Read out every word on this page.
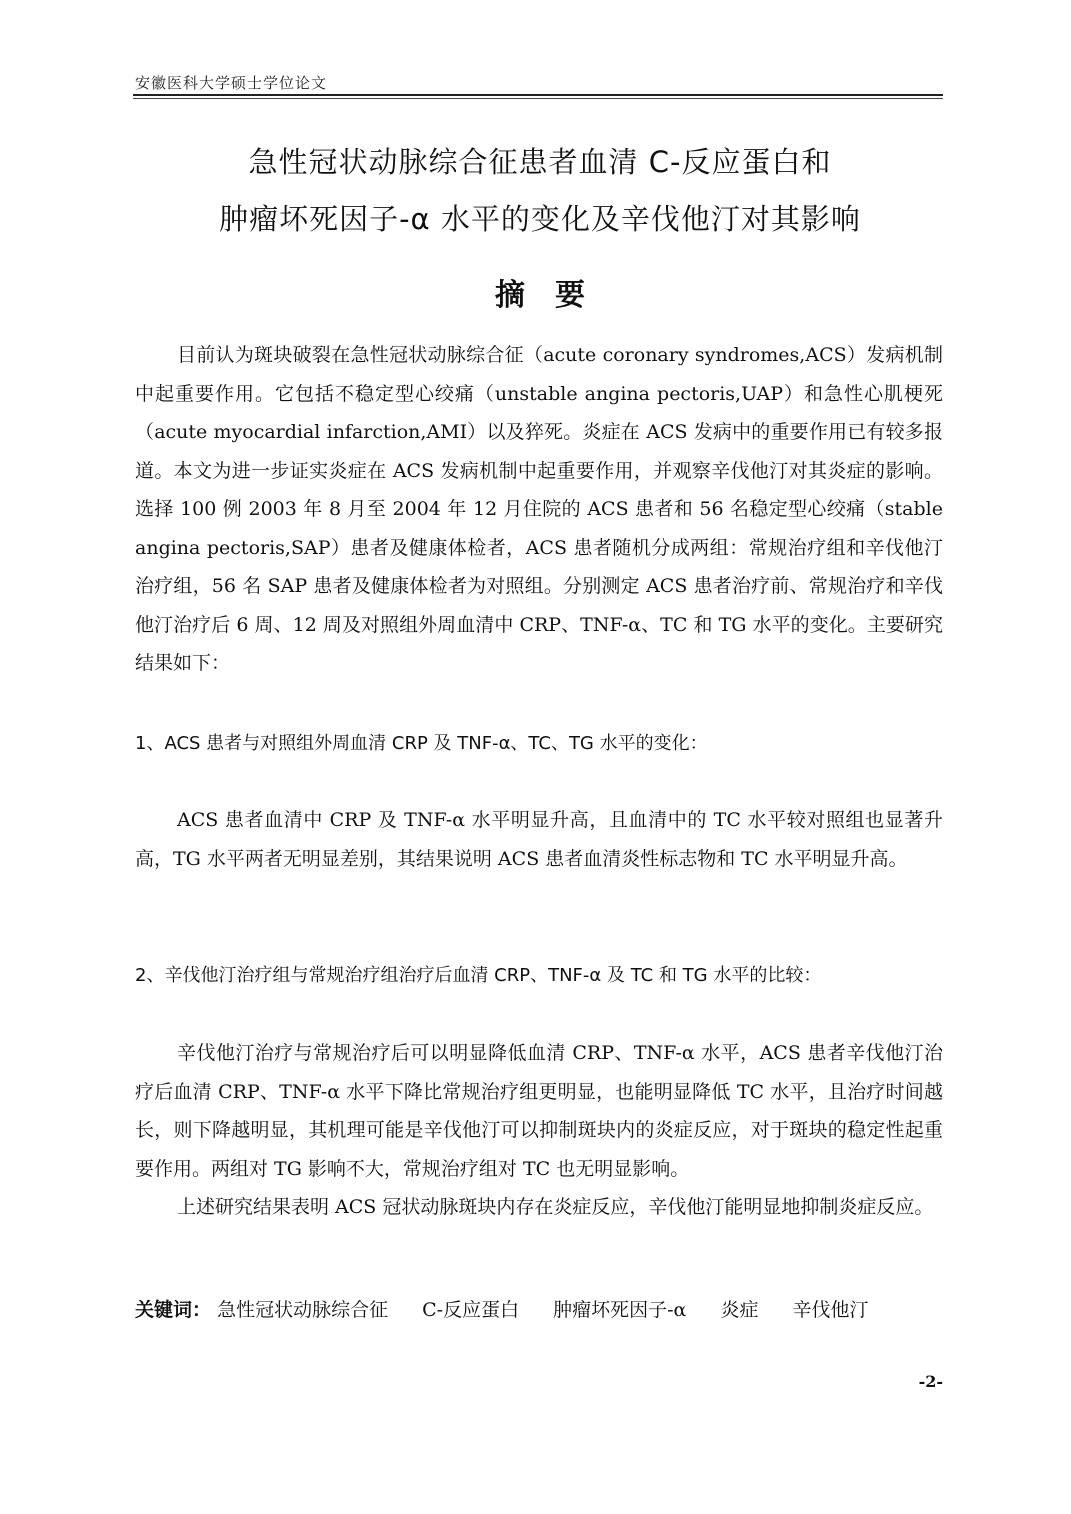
安徽医科大学硕士学位论文
急性冠状动脉综合征患者血清 C-反应蛋白和
肿瘤坏死因子-α 水平的变化及辛伐他汀对其影响
摘要

目前认为斑块破裂在急性冠状动脉综合征（acute coronary syndromes,ACS）发病机制中起重要作用。它包括不稳定型心绞痛（unstable angina pectoris,UAP）和急性心肌梗死（acute myocardial infarction,AMI）以及猝死。炎症在 ACS 发病中的重要作用已有较多报道。本文为进一步证实炎症在 ACS 发病机制中起重要作用，并观察辛伐他汀对其炎症的影响。选择 100 例 2003 年 8 月至 2004 年 12 月住院的 ACS 患者和 56 名稳定型心绞痛（stable angina pectoris,SAP）患者及健康体检者，ACS 患者随机分成两组：常规治疗组和辛伐他汀治疗组，56 名 SAP 患者及健康体检者为对照组。分别测定 ACS 患者治疗前、常规治疗和辛伐他汀治疗后 6 周、12 周及对照组外周血清中 CRP、TNF-α、TC 和 TG 水平的变化。主要研究结果如下：

1、ACS 患者与对照组外周血清 CRP 及 TNF-α、TC、TG 水平的变化：

ACS 患者血清中 CRP 及 TNF-α 水平明显升高，且血清中的 TC 水平较对照组也显著升高，TG 水平两者无明显差别，其结果说明 ACS 患者血清炎性标志物和 TC 水平明显升高。

2、辛伐他汀治疗组与常规治疗组治疗后血清 CRP、TNF-α 及 TC 和 TG 水平的比较：

辛伐他汀治疗与常规治疗后可以明显降低血清 CRP、TNF-α 水平，ACS 患者辛伐他汀治疗后血清 CRP、TNF-α 水平下降比常规治疗组更明显，也能明显降低 TC 水平，且治疗时间越长，则下降越明显，其机理可能是辛伐他汀可以抑制斑块内的炎症反应，对于斑块的稳定性起重要作用。两组对 TG 影响不大，常规治疗组对 TC 也无明显影响。

上述研究结果表明 ACS 冠状动脉斑块内存在炎症反应，辛伐他汀能明显地抑制炎症反应。

关键词： 急性冠状动脉综合征 C-反应蛋白 肿瘤坏死因子-α 炎症 辛伐他汀
-2-
